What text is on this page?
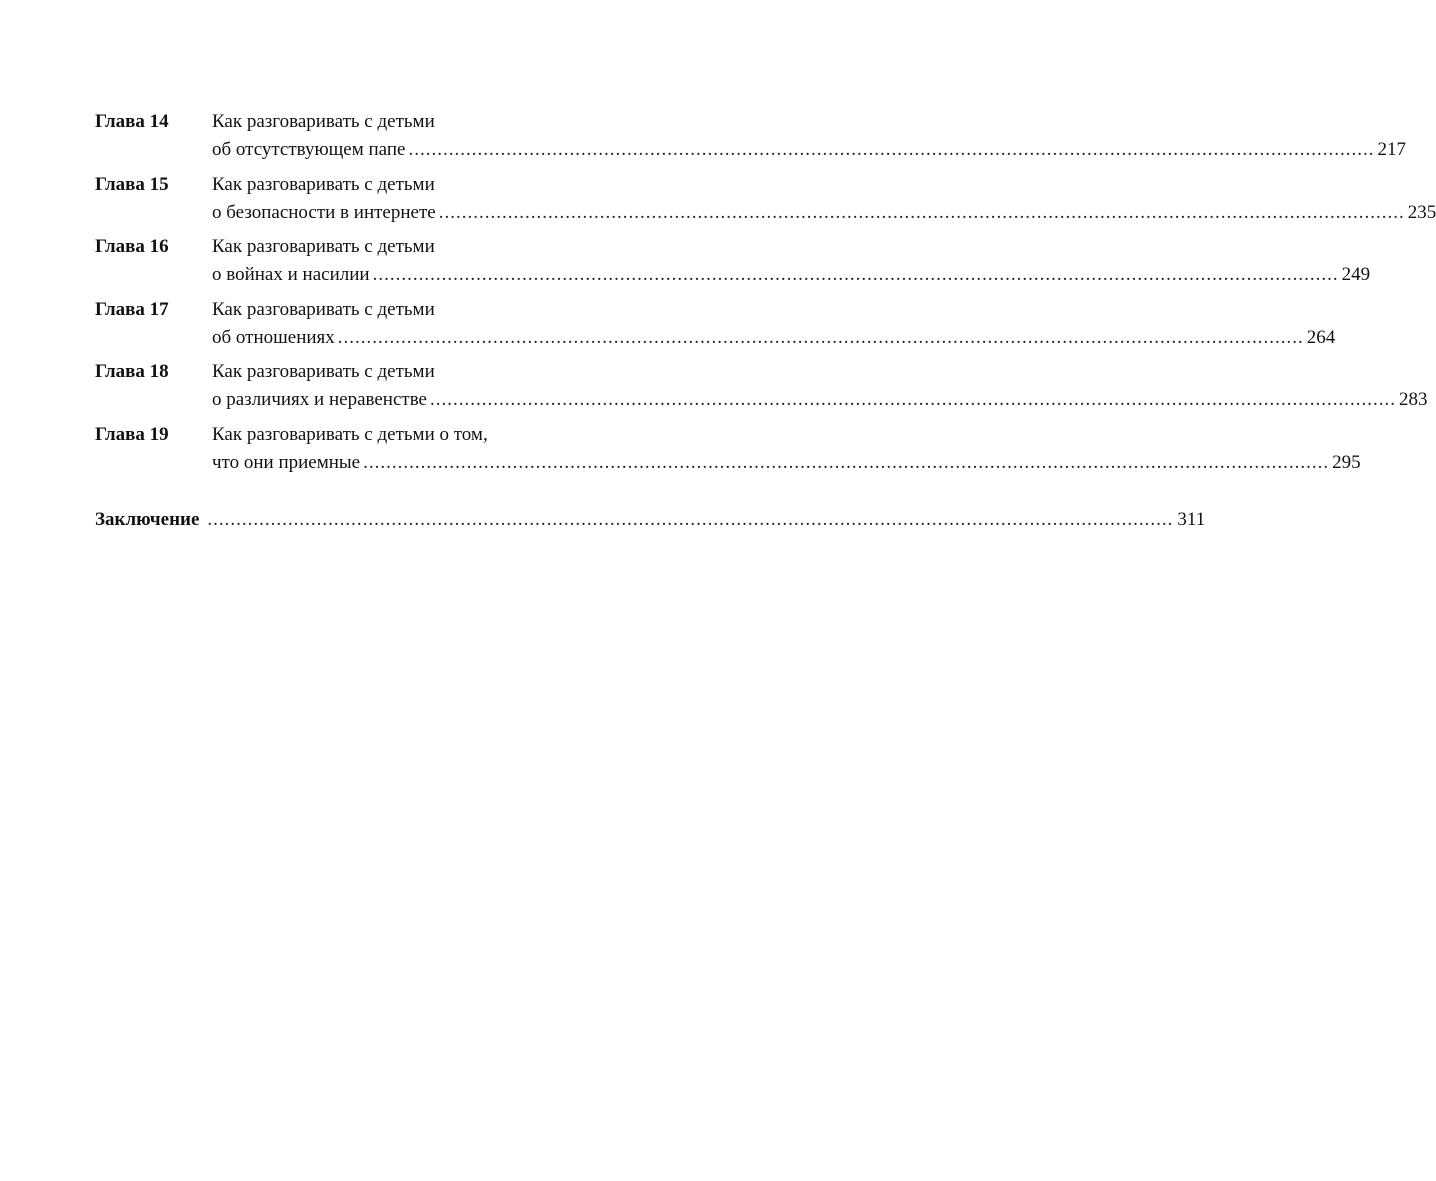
Глава 14	Как разговаривать с детьми
об отсутствующем папе .....	217
Глава 15	Как разговаривать с детьми
о безопасности в интернете .....	235
Глава 16	Как разговаривать с детьми
о войнах и насилии .....	249
Глава 17	Как разговаривать с детьми
об отношениях .....	264
Глава 18	Как разговаривать с детьми
о различиях и неравенстве .....	283
Глава 19	Как разговаривать с детьми о том,
что они приемные .....	295
Заключение .....	311
